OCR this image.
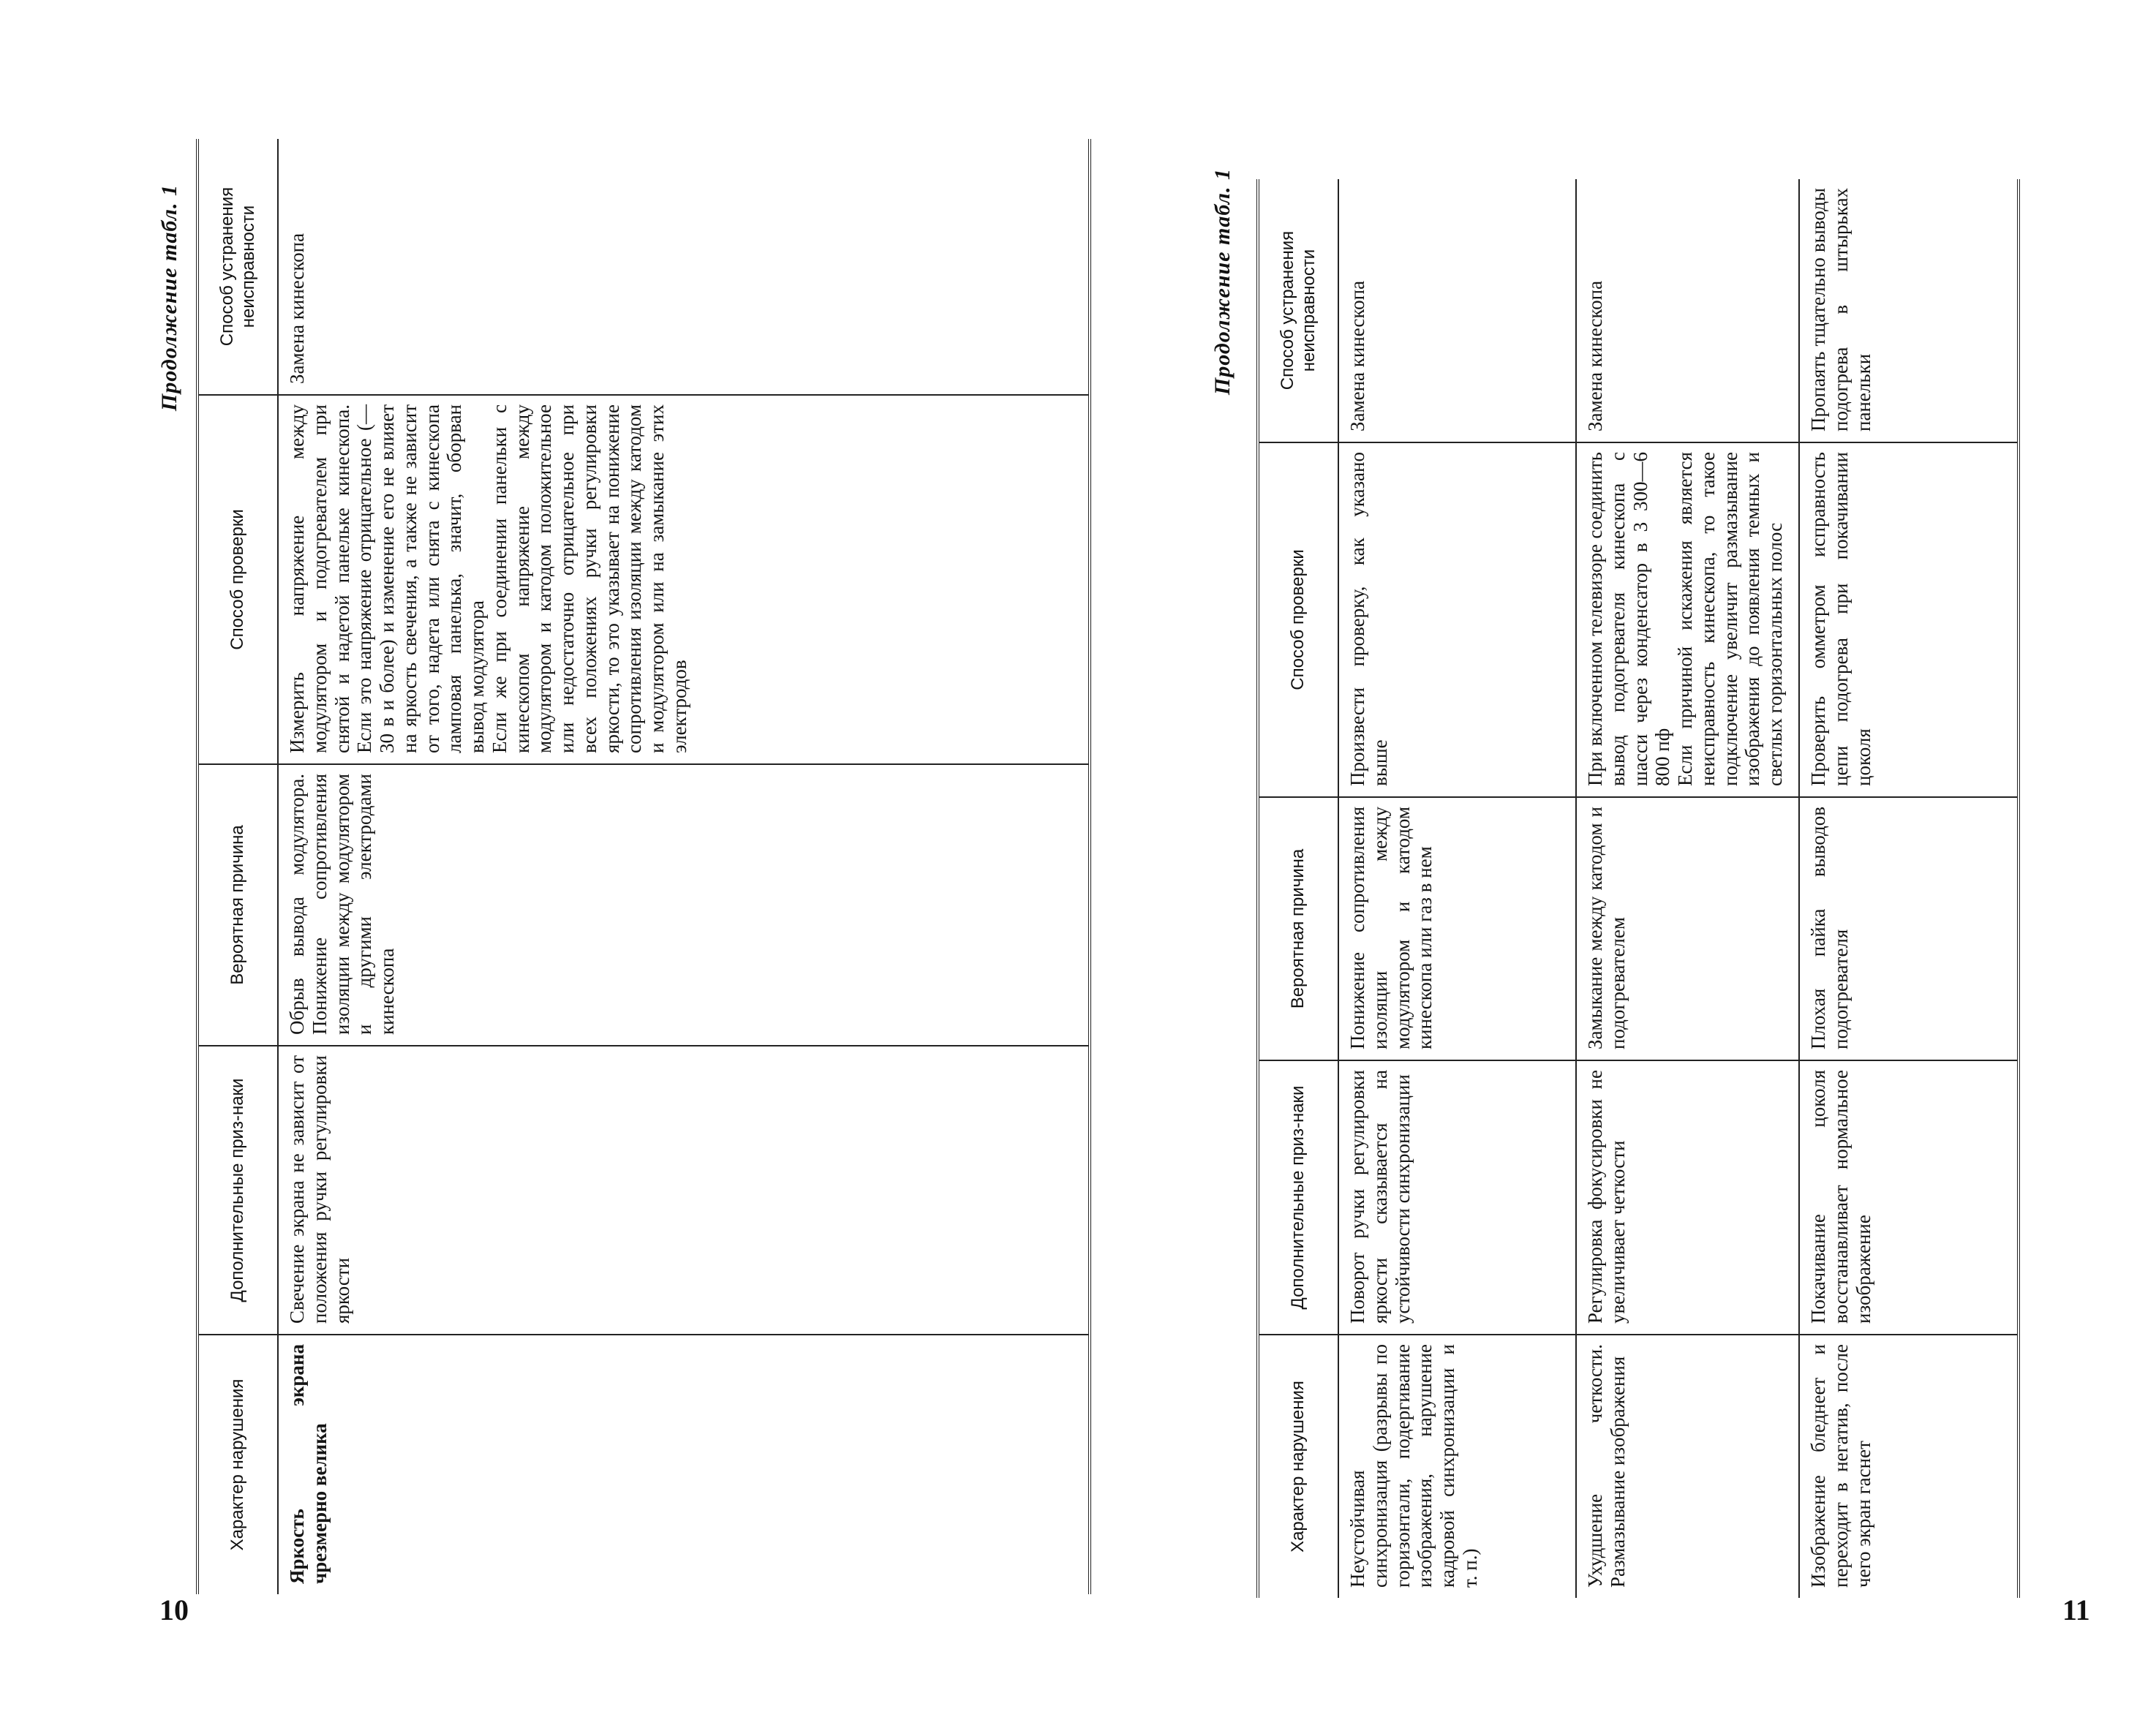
10
Продолжение табл. 1
Характер нарушения	Дополнительные приз-наки	Вероятная причина	Способ проверки	Способ устранения неисправности
Яркость экрана чрезмерно велика	Свечение экрана не зависит от положения ручки регулировки яркости	Обрыв вывода модулятора. Понижение сопротивления изоляции между модулятором и другими электродами кинескопа	Измерить напряжение между модулятором и подогревателем при снятой и надетой панельке кинескопа. Если это напряжение отрицательное (—30 в и более) и изменение его не влияет на яркость свечения, а также не зависит от того, надета или снята с кинескопа ламповая панелька, значит, оборван вывод модулятора Если же при соединении панельки с кинескопом напряжение между модулятором и катодом положительное или недостаточно отрицательное при всех положениях ручки регулировки яркости, то это указывает на понижение сопротивления изоляции между катодом и модулятором или на замыкание этих электродов	Замена кинескопа
11
Продолжение табл. 1
Характер нарушения	Дополнительные приз-наки	Вероятная причина	Способ проверки	Способ устранения неисправности
Неустойчивая синхронизация (разрывы по горизонтали, подергивание изображения, нарушение кадровой синхронизации и т. п.)	Поворот ручки регулировки яркости сказывается на устойчивости синхронизации	Понижение сопротивления изоляции между модулятором и катодом кинескопа или газ в нем	Произвести проверку, как указано выше	Замена кинескопа
Ухудшение четкости. Размазывание изображения	Регулировка фокусировки не увеличивает четкости	Замыкание между катодом и подогревателем	При включенном телевизоре соединить вывод подогревателя кинескопа с шасси через конденсатор в 3 300—6 800 пф Если причиной искажения является неисправность кинескопа, то такое подключение увеличит размазывание изображения до появления темных и светлых горизонтальных полос	Замена кинескопа
Изображение бледнеет и переходит в негатив, после чего экран гаснет	Покачивание цоколя восстанавливает нормальное изображение	Плохая пайка выводов подогревателя	Проверить омметром исправность цепи подогрева при покачивании цоколя	Пропаять тщательно выводы подогрева в штырьках панельки
